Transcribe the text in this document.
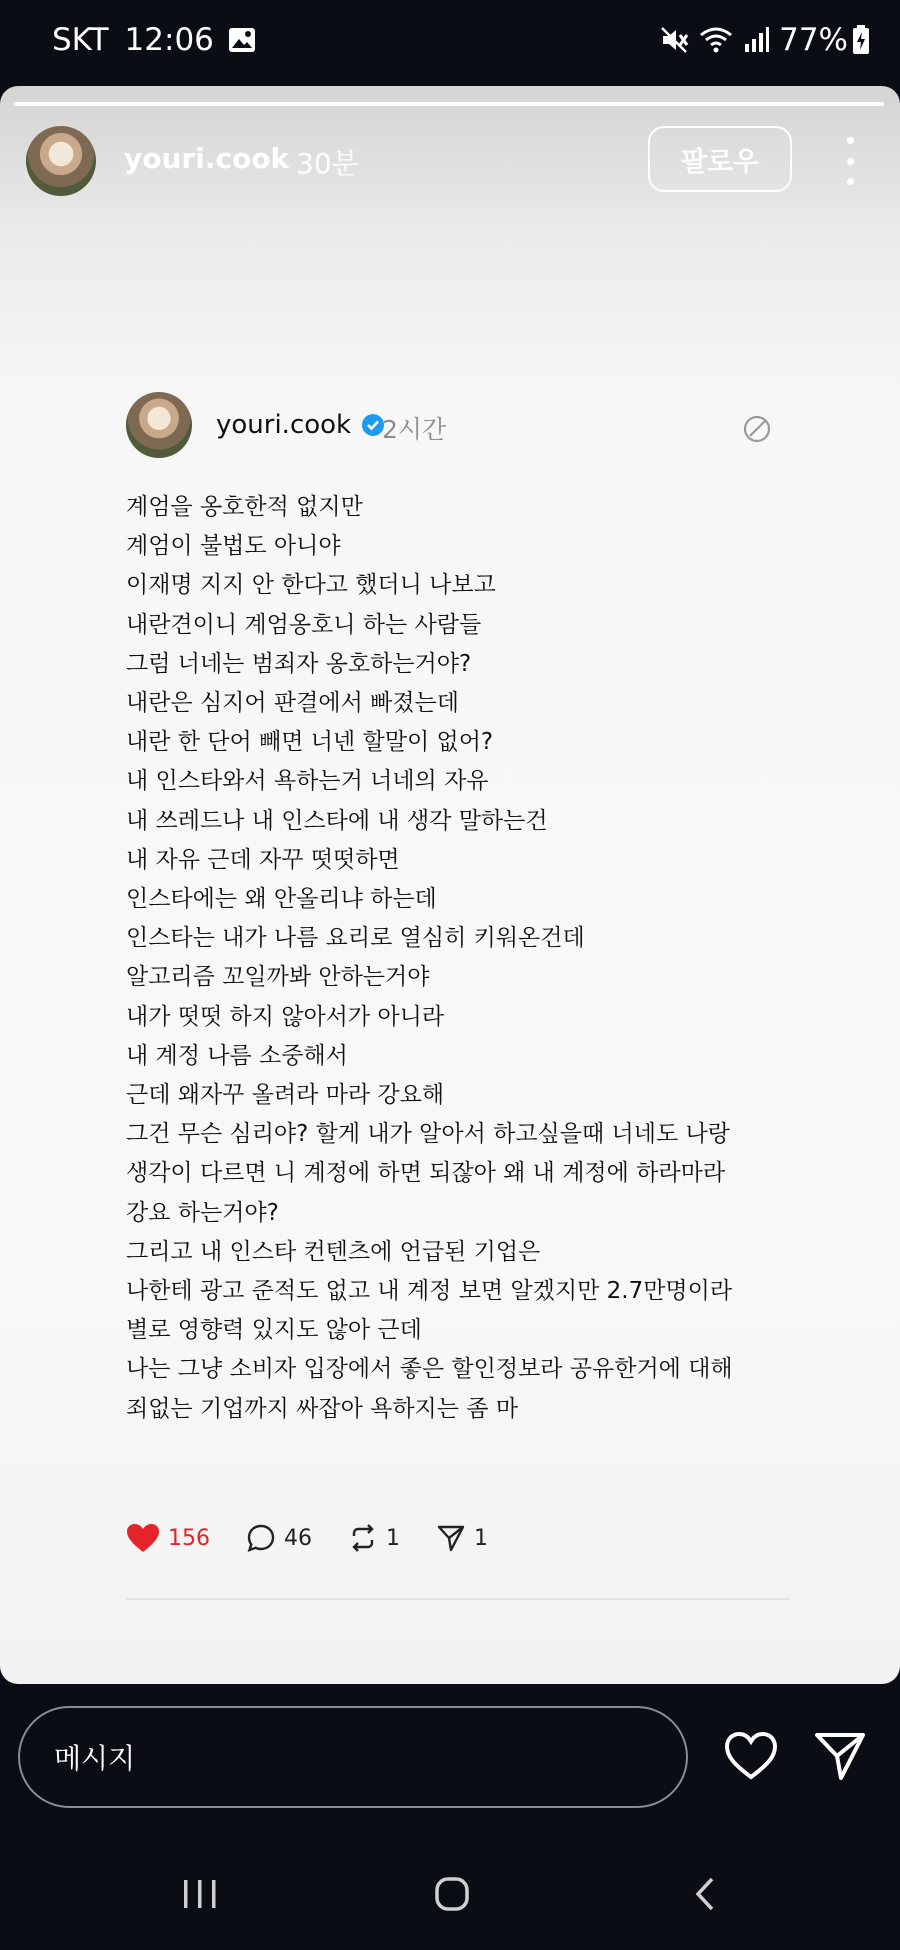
SKT 12:06	77%
youri.cook 30분	팔로우
youri.cook 2시간
계엄을 옹호한적 없지만
계엄이 불법도 아니야
이재명 지지 안 한다고 했더니 나보고
내란견이니 계엄옹호니 하는 사람들
그럼 너네는 범죄자 옹호하는거야?
내란은 심지어 판결에서 빠졌는데
내란 한 단어 빼면 너넨 할말이 없어?
내 인스타와서 욕하는거 너네의 자유
내 쓰레드나 내 인스타에 내 생각 말하는건
내 자유 근데 자꾸 떳떳하면
인스타에는 왜 안올리냐 하는데
인스타는 내가 나름 요리로 열심히 키워온건데
알고리즘 꼬일까봐 안하는거야
내가 떳떳 하지 않아서가 아니라
내 계정 나름 소중해서
근데 왜자꾸 올려라 마라 강요해
그건 무슨 심리야? 할게 내가 알아서 하고싶을때 너네도 나랑
생각이 다르면 니 계정에 하면 되잖아 왜 내 계정에 하라마라
강요 하는거야?
그리고 내 인스타 컨텐츠에 언급된 기업은
나한테 광고 준적도 없고 내 계정 보면 알겠지만 2.7만명이라
별로 영향력 있지도 않아 근데
나는 그냥 소비자 입장에서 좋은 할인정보라 공유한거에 대해
죄없는 기업까지 싸잡아 욕하지는 좀 마
156	46	1	1
메시지
